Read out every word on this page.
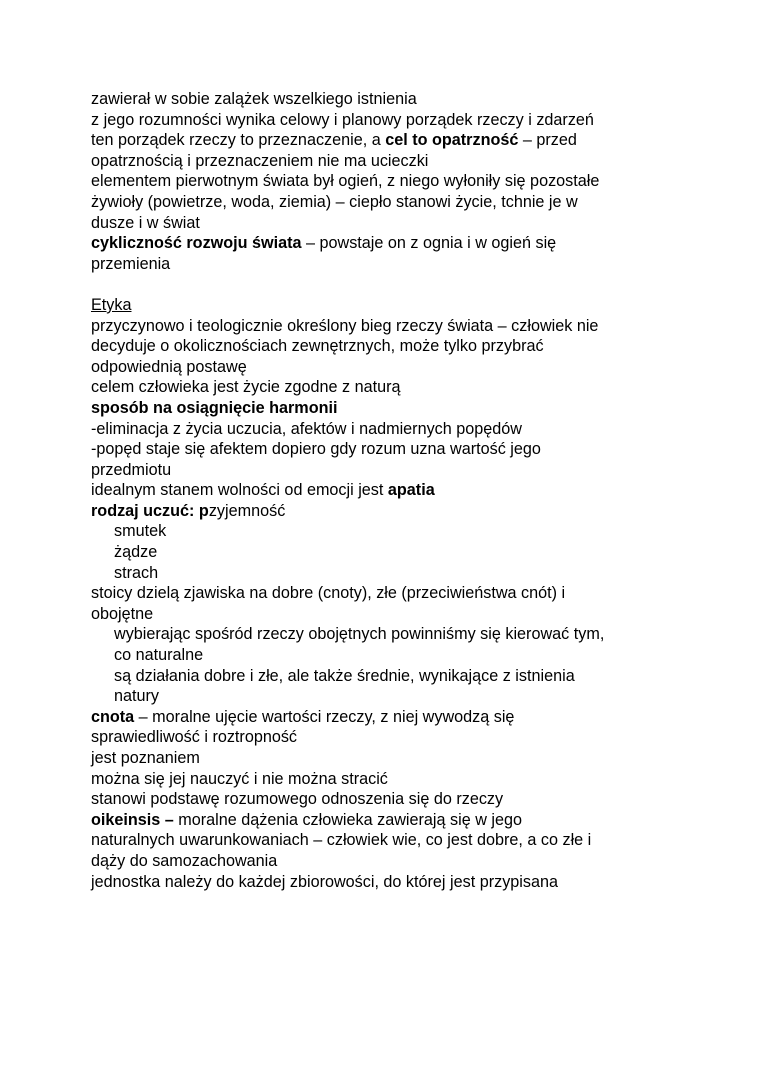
zawierał w sobie zalążek wszelkiego istnienia
z jego rozumności wynika celowy i planowy porządek rzeczy i zdarzeń
ten porządek rzeczy to przeznaczenie, a cel to opatrzność – przed
opatrznością i przeznaczeniem nie ma ucieczki
elementem pierwotnym świata był ogień, z niego wyłoniły się pozostałe
żywioły (powietrze, woda, ziemia) – ciepło stanowi życie, tchnie je w
dusze i w świat
cykliczność rozwoju świata – powstaje on z ognia i w ogień się
przemienia
Etyka
przyczynowo i teologicznie określony bieg rzeczy świata – człowiek nie
decyduje o okolicznościach zewnętrznych, może tylko przybrać
odpowiednią postawę
celem człowieka jest życie zgodne z naturą
sposób na osiągnięcie harmonii
-eliminacja z życia uczucia, afektów i nadmiernych popędów
-popęd staje się afektem dopiero gdy rozum uzna wartość jego
przedmiotu
idealnym stanem wolności od emocji jest apatia
rodzaj uczuć: pzyjemność
smutek
żądze
strach
stoicy dzielą zjawiska na dobre (cnoty), złe (przeciwieństwa cnót) i
obojętne
wybierając spośród rzeczy obojętnych powinniśmy się kierować tym,
co naturalne
są działania dobre i złe, ale także średnie, wynikające z istnienia
natury
cnota – moralne ujęcie wartości rzeczy, z niej wywodzą się
sprawiedliwość i roztropność
jest poznaniem
można się jej nauczyć i nie można stracić
stanowi podstawę rozumowego odnoszenia się do rzeczy
oikeinsis – moralne dążenia człowieka zawierają się w jego
naturalnych uwarunkowaniach – człowiek wie, co jest dobre, a co złe i
dąży do samozachowania
jednostka należy do każdej zbiorowości, do której jest przypisana
